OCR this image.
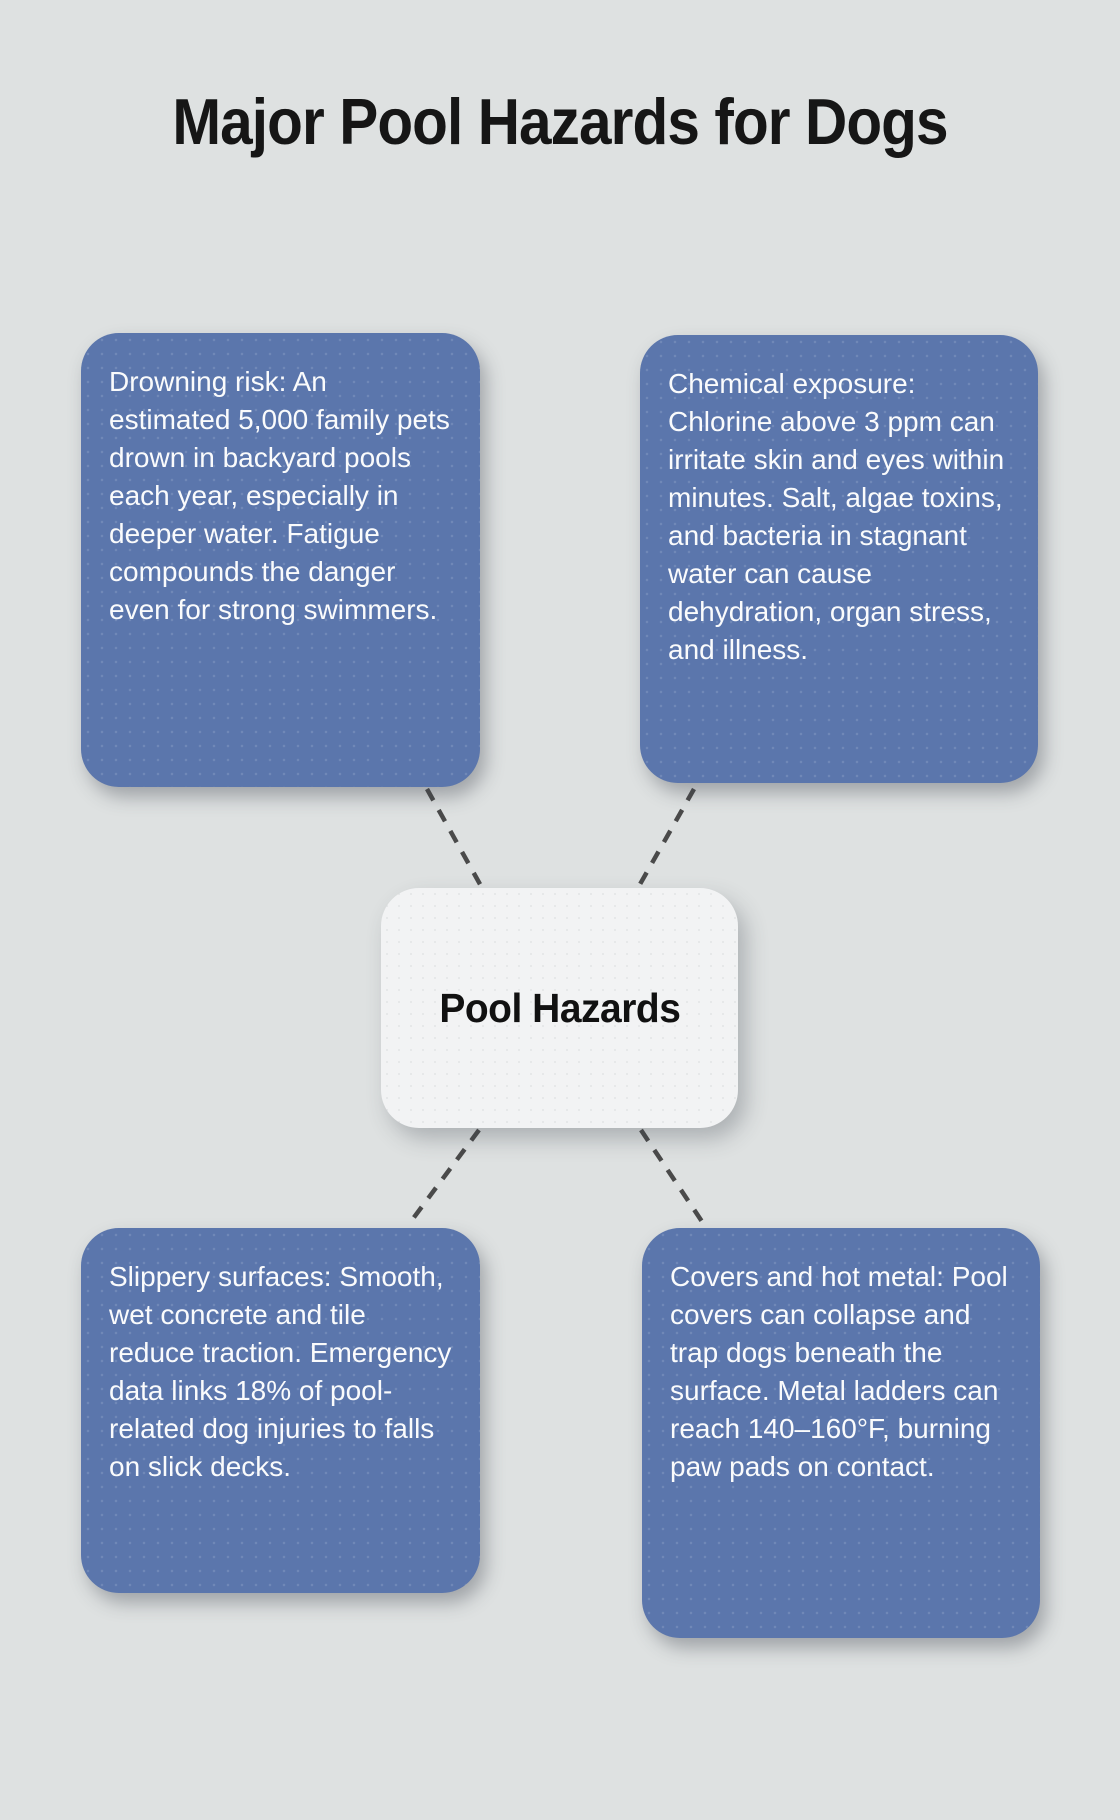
Major Pool Hazards for Dogs

Drowning risk: An estimated 5,000 family pets drown in backyard pools each year, especially in deeper water. Fatigue compounds the danger even for strong swimmers.

Chemical exposure: Chlorine above 3 ppm can irritate skin and eyes within minutes. Salt, algae toxins, and bacteria in stagnant water can cause dehydration, organ stress, and illness.

Pool Hazards

Slippery surfaces: Smooth, wet concrete and tile reduce traction. Emergency data links 18% of pool-related dog injuries to falls on slick decks.

Covers and hot metal: Pool covers can collapse and trap dogs beneath the surface. Metal ladders can reach 140–160°F, burning paw pads on contact.
